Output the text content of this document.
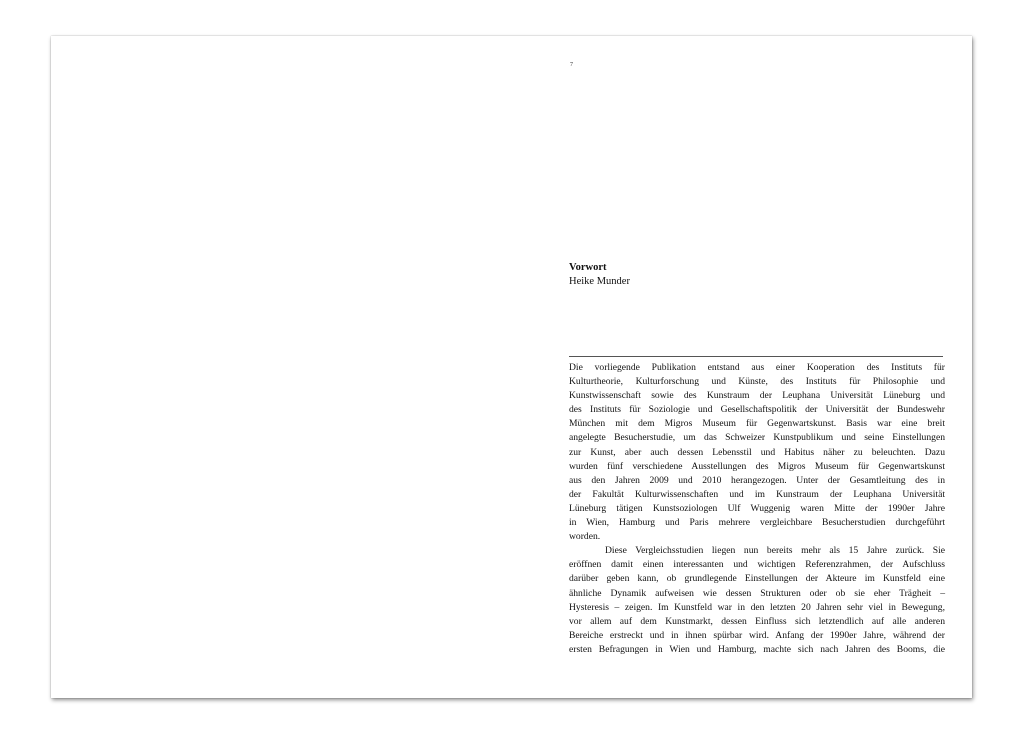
7
Vorwort
Heike Munder
Die vorliegende Publikation entstand aus einer Kooperation des Instituts für
Kulturtheorie, Kulturforschung und Künste, des Instituts für Philosophie und
Kunstwissenschaft sowie des Kunstraum der Leuphana Universität Lüneburg und
des Instituts für Soziologie und Gesellschaftspolitik der Universität der Bundeswehr
München mit dem Migros Museum für Gegenwartskunst. Basis war eine breit
angelegte Besucherstudie, um das Schweizer Kunstpublikum und seine Einstellungen
zur Kunst, aber auch dessen Lebensstil und Habitus näher zu beleuchten. Dazu
wurden fünf verschiedene Ausstellungen des Migros Museum für Gegenwartskunst
aus den Jahren 2009 und 2010 herangezogen. Unter der Gesamtleitung des in
der Fakultät Kulturwissenschaften und im Kunstraum der Leuphana Universität
Lüneburg tätigen Kunstsoziologen Ulf Wuggenig waren Mitte der 1990er Jahre
in Wien, Hamburg und Paris mehrere vergleichbare Besucherstudien durchgeführt
worden.
Diese Vergleichsstudien liegen nun bereits mehr als 15 Jahre zurück. Sie
eröffnen damit einen interessanten und wichtigen Referenzrahmen, der Aufschluss
darüber geben kann, ob grundlegende Einstellungen der Akteure im Kunstfeld eine
ähnliche Dynamik aufweisen wie dessen Strukturen oder ob sie eher Trägheit –
Hysteresis – zeigen. Im Kunstfeld war in den letzten 20 Jahren sehr viel in Bewegung,
vor allem auf dem Kunstmarkt, dessen Einfluss sich letztendlich auf alle anderen
Bereiche erstreckt und in ihnen spürbar wird. Anfang der 1990er Jahre, während der
ersten Befragungen in Wien und Hamburg, machte sich nach Jahren des Booms, die
